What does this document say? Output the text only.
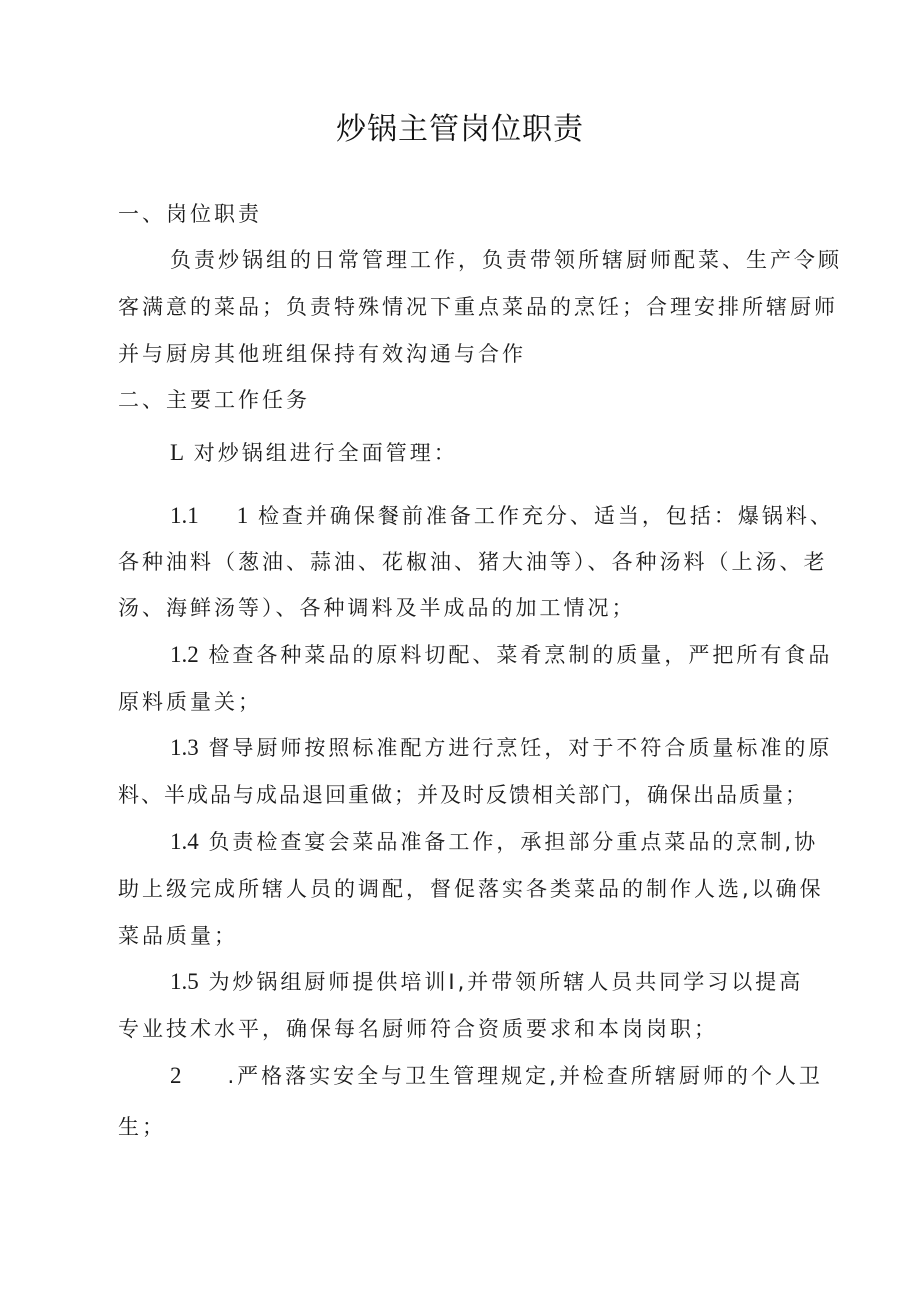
炒锅主管岗位职责
一、岗位职责
负责炒锅组的日常管理工作，负责带领所辖厨师配菜、生产令顾
客满意的菜品；负责特殊情况下重点菜品的烹饪；合理安排所辖厨师
并与厨房其他班组保持有效沟通与合作
二、主要工作任务
L 对炒锅组进行全面管理：
1.1 1 检查并确保餐前准备工作充分、适当，包括：爆锅料、
各种油料（葱油、蒜油、花椒油、猪大油等）、各种汤料（上汤、老
汤、海鲜汤等）、各种调料及半成品的加工情况；
1.2 检查各种菜品的原料切配、菜肴烹制的质量，严把所有食品
原料质量关；
1.3 督导厨师按照标准配方进行烹饪，对于不符合质量标准的原
料、半成品与成品退回重做；并及时反馈相关部门，确保出品质量；
1.4 负责检查宴会菜品准备工作，承担部分重点菜品的烹制,协
助上级完成所辖人员的调配，督促落实各类菜品的制作人选,以确保
菜品质量；
1.5 为炒锅组厨师提供培训I,并带领所辖人员共同学习以提高
专业技术水平，确保每名厨师符合资质要求和本岗岗职；
2 .严格落实安全与卫生管理规定,并检查所辖厨师的个人卫
生；
